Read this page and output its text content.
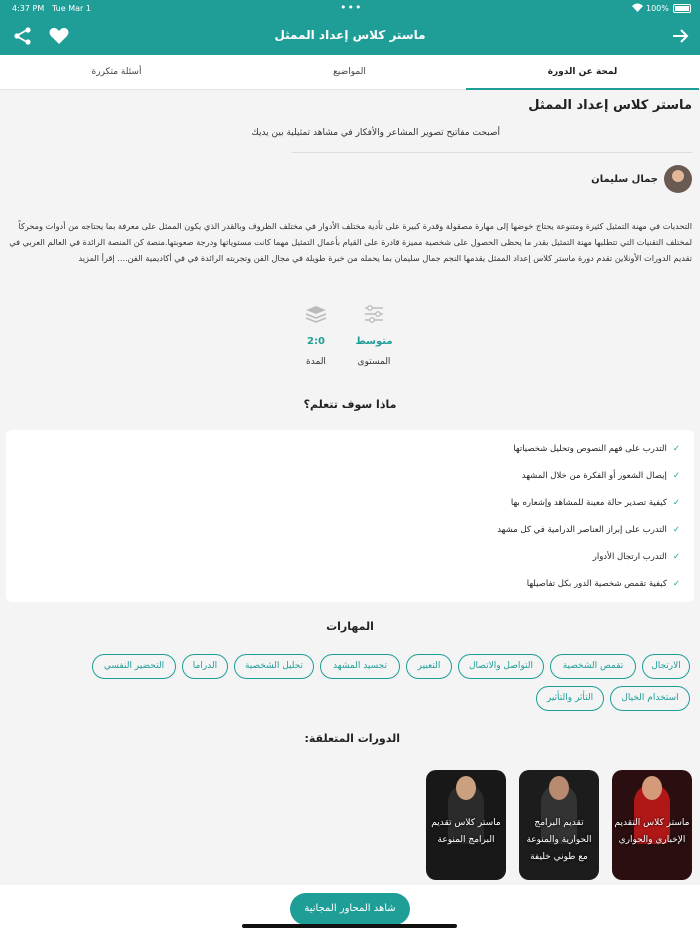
4:37 PM Tue Mar 1	•••	100%
ماستر كلاس إعداد الممثل
أسئلة متكررة	المواضيع	لمحة عن الدورة
ماستر كلاس إعداد الممثل
أصبحت مفاتيح تصوير المشاعر والأفكار في مشاهد تمثيلية بين يديك
جمال سليمان
التحديات في مهنة التمثيل كثيرة ومتنوعة يحتاج خوضها إلى مهارة مصقولة وقدرة كبيرة على تأدية مختلف الأدوار في مختلف الظروف وبالقدر الذي يكون الممثل على معرفة بما يحتاجه من أدوات ومحركاً لمختلف التقنيات التي تتطلبها مهنة التمثيل بقدر ما يحظى الحصول على شخصية مميزة قادرة على القيام بأعمال التمثيل مهما كانت مستوياتها ودرجة صعوبتها.منصة كن المنصة الرائدة في العالم العربي في تقديم الدورات الأونلاين تقدم دورة ماستر كلاس إعداد الممثل يقدمها النجم جمال سليمان بما يحمله من خبرة طويلة في مجال الفن وتجربته الرائدة في في أكاديمية الفن.... إقرأ المزيد
متوسط
المستوى
2:0
المدة
ماذا سوف تتعلم؟
✓التدرب على فهم النصوص وتحليل شخصياتها
✓إيصال الشعور أو الفكرة من خلال المشهد
✓كيفية تصدير حالة معينة للمشاهد وإشعاره بها
✓التدرب على إبراز العناصر الدرامية في كل مشهد
✓التدرب ارتجال الأدوار
✓كيفية تقمص شخصية الدور بكل تفاصيلها
المهارات
الارتجال
تقمص الشخصية
التواصل والاتصال
التعبير
تجسيد المشهد
تحليل الشخصية
الدراما
التحضير النفسي
استخدام الخيال
التأثر والتأثير
الدورات المتعلقة:
ماستر كلاس التقديم الإخباري والحواري
تقديم البرامج الحوارية والمنوعة مع طوني خليفة
ماستر كلاس تقديم البرامج المنوعة
شاهد المحاور المجانية
